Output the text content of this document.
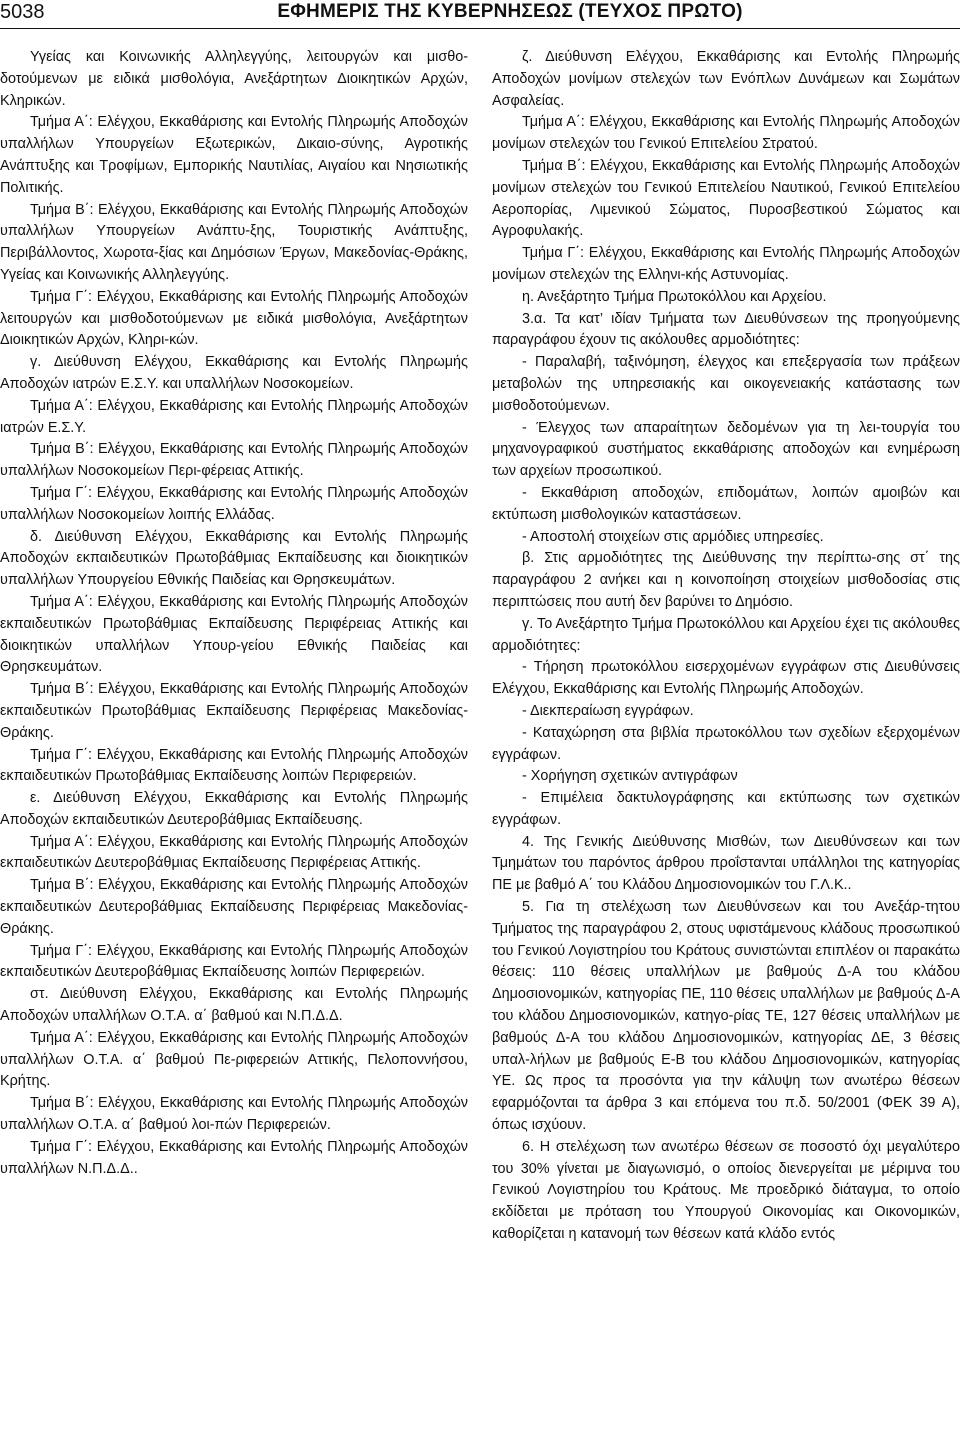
5038	ΕΦΗΜΕΡΙΣ ΤΗΣ ΚΥΒΕΡΝΗΣΕΩΣ (ΤΕΥΧΟΣ ΠΡΩΤΟ)

Υγείας και Κοινωνικής Αλληλεγγύης, λειτουργών και μισθο-δοτούμενων με ειδικά μισθολόγια, Ανεξάρτητων Διοικητικών Αρχών, Κληρικών.

Τμήμα Α΄: Ελέγχου, Εκκαθάρισης και Εντολής Πληρωμής Αποδοχών υπαλλήλων Υπουργείων Εξωτερικών, Δικαιο-σύνης, Αγροτικής Ανάπτυξης και Τροφίμων, Εμπορικής Ναυτιλίας, Αιγαίου και Νησιωτικής Πολιτικής.

Τμήμα Β΄: Ελέγχου, Εκκαθάρισης και Εντολής Πληρωμής Αποδοχών υπαλλήλων Υπουργείων Ανάπτυ-ξης, Τουριστικής Ανάπτυξης, Περιβάλλοντος, Χωροτα-ξίας και Δημόσιων Έργων, Μακεδονίας-Θράκης, Υγείας και Κοινωνικής Αλληλεγγύης.

Τμήμα Γ΄: Ελέγχου, Εκκαθάρισης και Εντολής Πληρωμής Αποδοχών λειτουργών και μισθοδοτούμενων με ειδικά μισθολόγια, Ανεξάρτητων Διοικητικών Αρχών, Κληρι-κών.

γ. Διεύθυνση Ελέγχου, Εκκαθάρισης και Εντολής Πληρωμής Αποδοχών ιατρών Ε.Σ.Υ. και υπαλλήλων Νοσοκομείων.

Τμήμα Α΄: Ελέγχου, Εκκαθάρισης και Εντολής Πληρωμής Αποδοχών ιατρών Ε.Σ.Υ.

Τμήμα Β΄: Ελέγχου, Εκκαθάρισης και Εντολής Πληρωμής Αποδοχών υπαλλήλων Νοσοκομείων Περι-φέρειας Αττικής.

Τμήμα Γ΄: Ελέγχου, Εκκαθάρισης και Εντολής Πληρωμής Αποδοχών υπαλλήλων Νοσοκομείων λοιπής Ελλάδας.

δ. Διεύθυνση Ελέγχου, Εκκαθάρισης και Εντολής Πληρωμής Αποδοχών εκπαιδευτικών Πρωτοβάθμιας Εκπαίδευσης και διοικητικών υπαλλήλων Υπουργείου Εθνικής Παιδείας και Θρησκευμάτων.

Τμήμα Α΄: Ελέγχου, Εκκαθάρισης και Εντολής Πληρωμής Αποδοχών εκπαιδευτικών Πρωτοβάθμιας Εκπαίδευσης Περιφέρειας Αττικής και διοικητικών υπαλλήλων Υπουρ-γείου Εθνικής Παιδείας και Θρησκευμάτων.

Τμήμα Β΄: Ελέγχου, Εκκαθάρισης και Εντολής Πληρωμής Αποδοχών εκπαιδευτικών Πρωτοβάθμιας Εκπαίδευσης Περιφέρειας Μακεδονίας-Θράκης.

Τμήμα Γ΄: Ελέγχου, Εκκαθάρισης και Εντολής Πληρωμής Αποδοχών εκπαιδευτικών Πρωτοβάθμιας Εκπαίδευσης λοιπών Περιφερειών.

ε. Διεύθυνση Ελέγχου, Εκκαθάρισης και Εντολής Πληρωμής Αποδοχών εκπαιδευτικών Δευτεροβάθμιας Εκπαίδευσης.

Τμήμα Α΄: Ελέγχου, Εκκαθάρισης και Εντολής Πληρωμής Αποδοχών εκπαιδευτικών Δευτεροβάθμιας Εκπαίδευσης Περιφέρειας Αττικής.

Τμήμα Β΄: Ελέγχου, Εκκαθάρισης και Εντολής Πληρωμής Αποδοχών εκπαιδευτικών Δευτεροβάθμιας Εκπαίδευσης Περιφέρειας Μακεδονίας-Θράκης.

Τμήμα Γ΄: Ελέγχου, Εκκαθάρισης και Εντολής Πληρωμής Αποδοχών εκπαιδευτικών Δευτεροβάθμιας Εκπαίδευσης λοιπών Περιφερειών.

στ. Διεύθυνση Ελέγχου, Εκκαθάρισης και Εντολής Πληρωμής Αποδοχών υπαλλήλων Ο.Τ.Α. α΄ βαθμού και Ν.Π.Δ.Δ.

Τμήμα Α΄: Ελέγχου, Εκκαθάρισης και Εντολής Πληρωμής Αποδοχών υπαλλήλων Ο.Τ.Α. α΄ βαθμού Πε-ριφερειών Αττικής, Πελοποννήσου, Κρήτης.

Τμήμα Β΄: Ελέγχου, Εκκαθάρισης και Εντολής Πληρωμής Αποδοχών υπαλλήλων Ο.Τ.Α. α΄ βαθμού λοι-πών Περιφερειών.

Τμήμα Γ΄: Ελέγχου, Εκκαθάρισης και Εντολής Πληρωμής Αποδοχών υπαλλήλων Ν.Π.Δ.Δ..

ζ. Διεύθυνση Ελέγχου, Εκκαθάρισης και Εντολής Πληρωμής Αποδοχών μονίμων στελεχών των Ενόπλων Δυνάμεων και Σωμάτων Ασφαλείας.

Τμήμα Α΄: Ελέγχου, Εκκαθάρισης και Εντολής Πληρωμής Αποδοχών μονίμων στελεχών του Γενικού Επιτελείου Στρατού.

Τμήμα Β΄: Ελέγχου, Εκκαθάρισης και Εντολής Πληρωμής Αποδοχών μονίμων στελεχών του Γενικού Επιτελείου Ναυτικού, Γενικού Επιτελείου Αεροπορίας, Λιμενικού Σώματος, Πυροσβεστικού Σώματος και Αγροφυλακής.

Τμήμα Γ΄: Ελέγχου, Εκκαθάρισης και Εντολής Πληρωμής Αποδοχών μονίμων στελεχών της Ελληνι-κής Αστυνομίας.

η. Ανεξάρτητο Τμήμα Πρωτοκόλλου και Αρχείου.

3.α. Τα κατ’ ιδίαν Τμήματα των Διευθύνσεων της προηγούμενης παραγράφου έχουν τις ακόλουθες αρμοδιότητες:

- Παραλαβή, ταξινόμηση, έλεγχος και επεξεργασία των πράξεων μεταβολών της υπηρεσιακής και οικογενειακής κατάστασης των μισθοδοτούμενων.

- Έλεγχος των απαραίτητων δεδομένων για τη λει-τουργία του μηχανογραφικού συστήματος εκκαθάρισης αποδοχών και ενημέρωση των αρχείων προσωπικού.

- Εκκαθάριση αποδοχών, επιδομάτων, λοιπών αμοιβών και εκτύπωση μισθολογικών καταστάσεων.

- Αποστολή στοιχείων στις αρμόδιες υπηρεσίες.

β. Στις αρμοδιότητες της Διεύθυνσης την περίπτω-σης στ΄ της παραγράφου 2 ανήκει και η κοινοποίηση στοιχείων μισθοδοσίας στις περιπτώσεις που αυτή δεν βαρύνει το Δημόσιο.

γ. Το Ανεξάρτητο Τμήμα Πρωτοκόλλου και Αρχείου έχει τις ακόλουθες αρμοδιότητες:

- Τήρηση πρωτοκόλλου εισερχομένων εγγράφων στις Διευθύνσεις Ελέγχου, Εκκαθάρισης και Εντολής Πληρωμής Αποδοχών.

- Διεκπεραίωση εγγράφων.

- Καταχώρηση στα βιβλία πρωτοκόλλου των σχεδίων εξερχομένων εγγράφων.

- Χορήγηση σχετικών αντιγράφων

- Επιμέλεια δακτυλογράφησης και εκτύπωσης των σχετικών εγγράφων.

4. Της Γενικής Διεύθυνσης Μισθών, των Διευθύνσεων και των Τμημάτων του παρόντος άρθρου προΐστανται υπάλληλοι της κατηγορίας ΠΕ με βαθμό Α΄ του Κλάδου Δημοσιονομικών του Γ.Λ.Κ..

5. Για τη στελέχωση των Διευθύνσεων και του Ανεξάρ-τητου Τμήματος της παραγράφου 2, στους υφιστάμενους κλάδους προσωπικού του Γενικού Λογιστηρίου του Κράτους συνιστώνται επιπλέον οι παρακάτω θέσεις: 110 θέσεις υπαλλήλων με βαθμούς Δ-Α του κλάδου Δημοσιονομικών, κατηγορίας ΠΕ, 110 θέσεις υπαλλήλων με βαθμούς Δ-Α του κλάδου Δημοσιονομικών, κατηγο-ρίας ΤΕ, 127 θέσεις υπαλλήλων με βαθμούς Δ-Α του κλάδου Δημοσιονομικών, κατηγορίας ΔΕ, 3 θέσεις υπαλ-λήλων με βαθμούς Ε-Β του κλάδου Δημοσιονομικών, κατηγορίας ΥΕ. Ως προς τα προσόντα για την κάλυψη των ανωτέρω θέσεων εφαρμόζονται τα άρθρα 3 και επόμενα του π.δ. 50/2001 (ΦΕΚ 39 Α), όπως ισχύουν.

6. Η στελέχωση των ανωτέρω θέσεων σε ποσοστό όχι μεγαλύτερο του 30% γίνεται με διαγωνισμό, ο οποίος διενεργείται με μέριμνα του Γενικού Λογιστηρίου του Κράτους. Με προεδρικό διάταγμα, το οποίο εκδίδεται με πρόταση του Υπουργού Οικονομίας και Οικονομικών, καθορίζεται η κατανομή των θέσεων κατά κλάδο εντός
